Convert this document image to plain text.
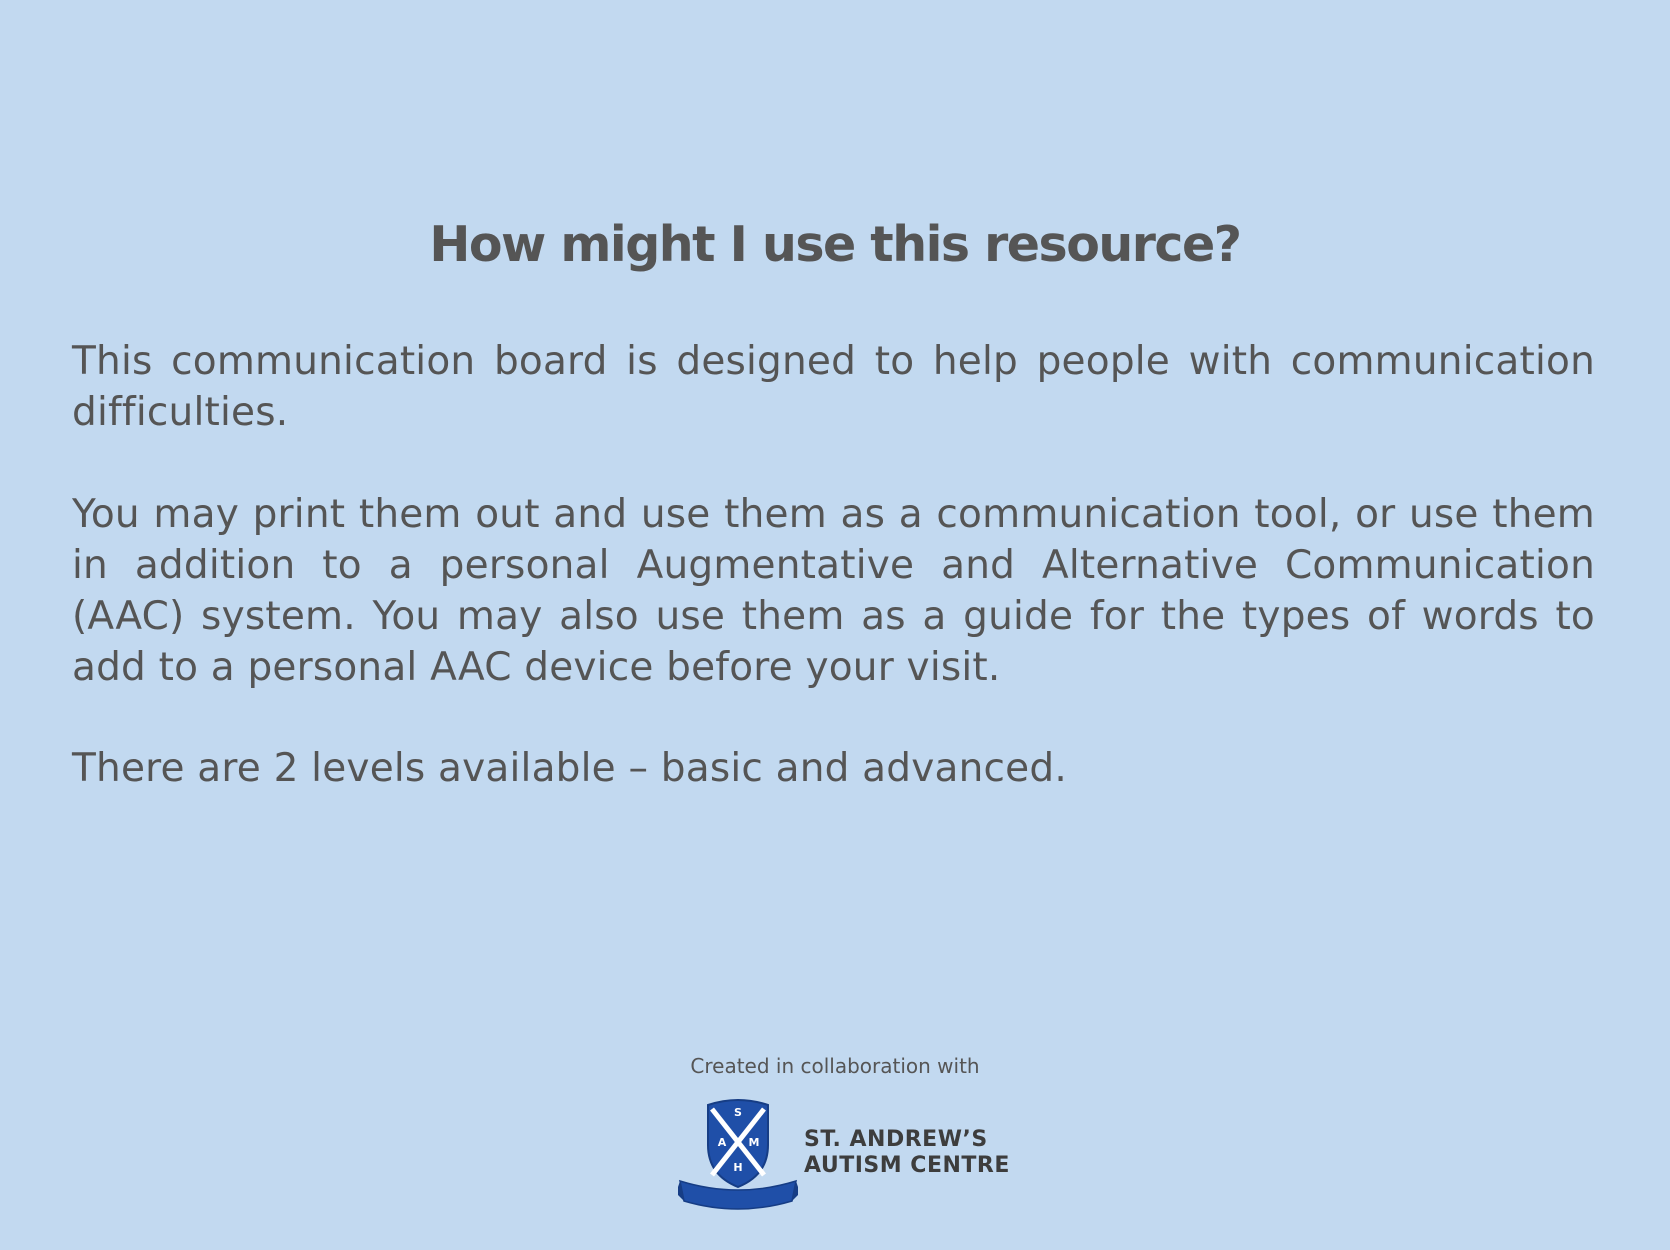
How might I use this resource?

This communication board is designed to help people with communication difficulties.

You may print them out and use them as a communication tool, or use them in addition to a personal Augmentative and Alternative Communication (AAC) system. You may also use them as a guide for the types of words to add to a personal AAC device before your visit.

There are 2 levels available – basic and advanced.

Created in collaboration with

S
A M
H
ST. ANDREW’S
AUTISM CENTRE
